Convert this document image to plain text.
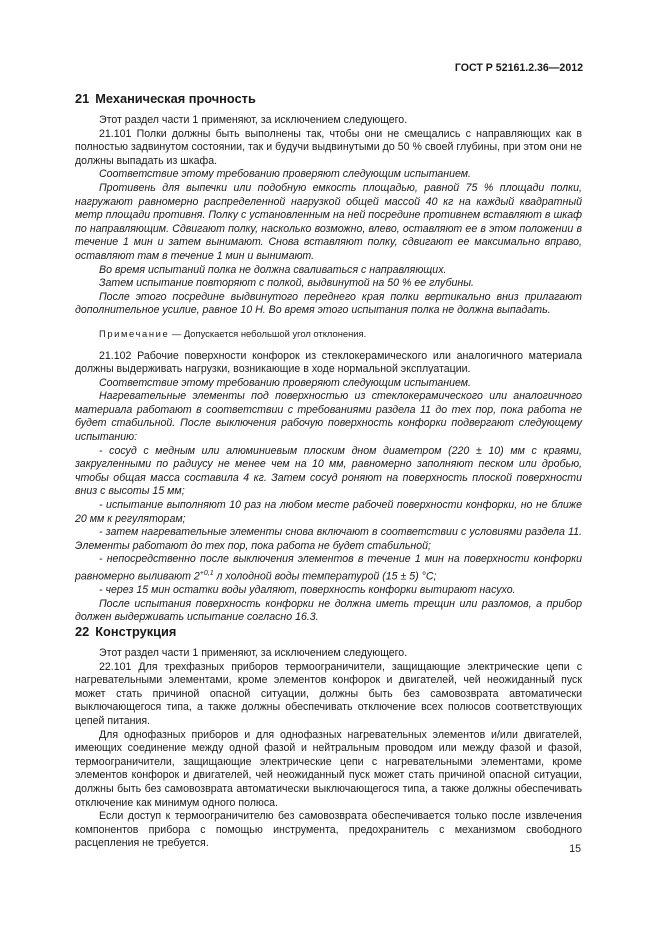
ГОСТ Р 52161.2.36—2012
21 Механическая прочность

Этот раздел части 1 применяют, за исключением следующего.

21.101 Полки должны быть выполнены так, чтобы они не смещались с направляющих как в полностью задвинутом состоянии, так и будучи выдвинутыми до 50 % своей глубины, при этом они не должны выпадать из шкафа.

Соответствие этому требованию проверяют следующим испытанием.

Противень для выпечки или подобную емкость площадью, равной 75 % площади полки, нагружают равномерно распределенной нагрузкой общей массой 40 кг на каждый квадратный метр площади противня. Полку с установленным на ней посредине противнем вставляют в шкаф по направляющим. Сдвигают полку, насколько возможно, влево, оставляют ее в этом положении в течение 1 мин и затем вынимают. Снова вставляют полку, сдвигают ее максимально вправо, оставляют там в течение 1 мин и вынимают.

Во время испытаний полка не должна сваливаться с направляющих.

Затем испытание повторяют с полкой, выдвинутой на 50 % ее глубины.

После этого посредине выдвинутого переднего края полки вертикально вниз прилагают дополнительное усилие, равное 10 Н. Во время этого испытания полка не должна выпадать.

Примечание — Допускается небольшой угол отклонения.

21.102 Рабочие поверхности конфорок из стеклокерамического или аналогичного материала должны выдерживать нагрузки, возникающие в ходе нормальной эксплуатации.

Соответствие этому требованию проверяют следующим испытанием.

Нагревательные элементы под поверхностью из стеклокерамического или аналогичного материала работают в соответствии с требованиями раздела 11 до тех пор, пока работа не будет стабильной. После выключения рабочую поверхность конфорки подвергают следующему испытанию:

- сосуд с медным или алюминиевым плоским дном диаметром (220 ± 10) мм с краями, закругленными по радиусу не менее чем на 10 мм, равномерно заполняют песком или дробью, чтобы общая масса составила 4 кг. Затем сосуд роняют на поверхность плоской поверхности вниз с высоты 15 мм;

- испытание выполняют 10 раз на любом месте рабочей поверхности конфорки, но не ближе 20 мм к регуляторам;

- затем нагревательные элементы снова включают в соответствии с условиями раздела 11. Элементы работают до тех пор, пока работа не будет стабильной;

- непосредственно после выключения элементов в течение 1 мин на поверхности конфорки равномерно выливают $2^{+0,1}$ л холодной воды температурой (15 ± 5) °С;

- через 15 мин остатки воды удаляют, поверхность конфорки вытирают насухо.

После испытания поверхность конфорки не должна иметь трещин или разломов, а прибор должен выдерживать испытание согласно 16.3.

22 Конструкция

Этот раздел части 1 применяют, за исключением следующего.

22.101 Для трехфазных приборов термоограничители, защищающие электрические цепи с нагревательными элементами, кроме элементов конфорок и двигателей, чей неожиданный пуск может стать причиной опасной ситуации, должны быть без самовозврата автоматически выключающегося типа, а также должны обеспечивать отключение всех полюсов соответствующих цепей питания.

Для однофазных приборов и для однофазных нагревательных элементов и/или двигателей, имеющих соединение между одной фазой и нейтральным проводом или между фазой и фазой, термоограничители, защищающие электрические цепи с нагревательными элементами, кроме элементов конфорок и двигателей, чей неожиданный пуск может стать причиной опасной ситуации, должны быть без самовозврата автоматически выключающегося типа, а также должны обеспечивать отключение как минимум одного полюса.

Если доступ к термоограничителю без самовозврата обеспечивается только после извлечения компонентов прибора с помощью инструмента, предохранитель с механизмом свободного расцепления не требуется.	15
